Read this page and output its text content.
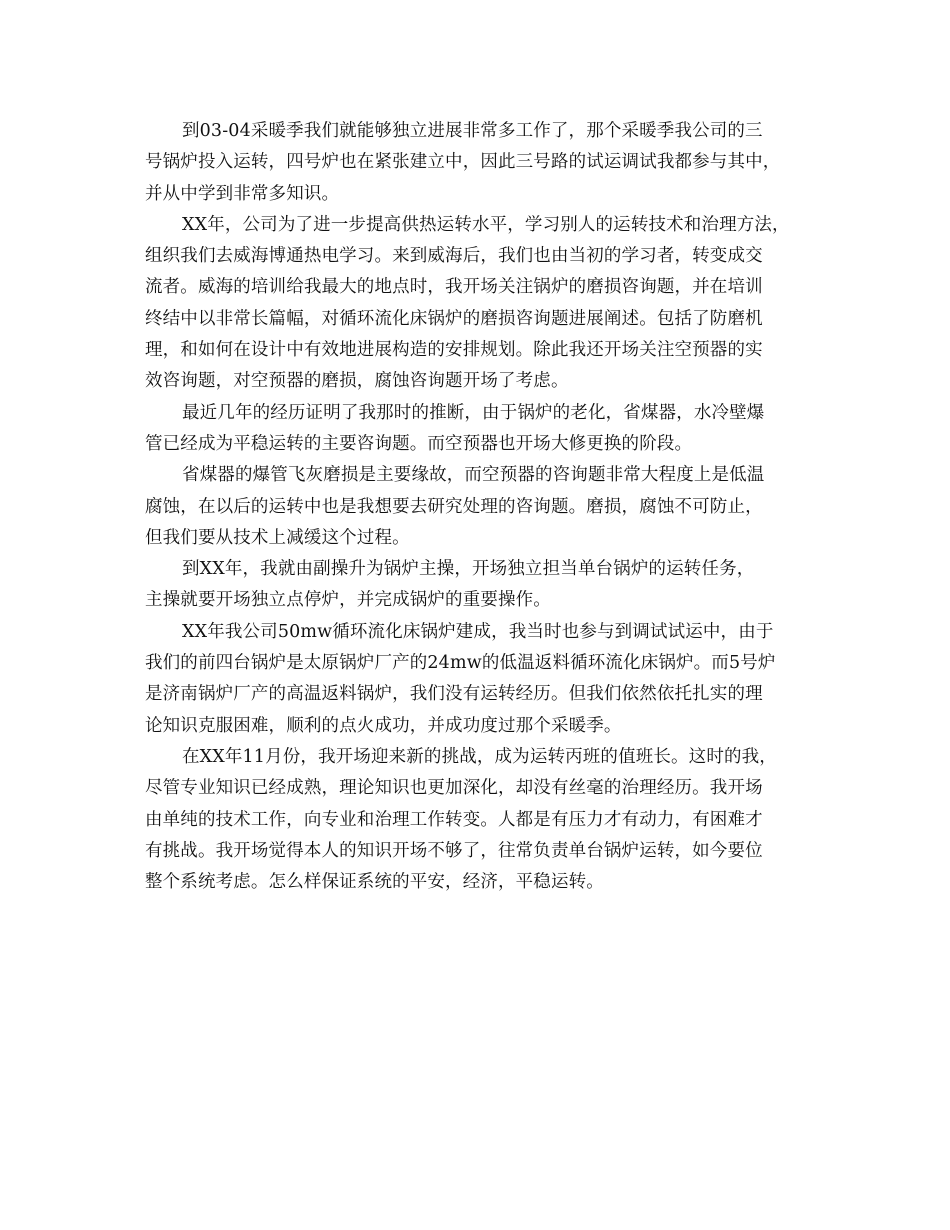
到03-04采暖季我们就能够独立进展非常多工作了，那个采暖季我公司的三
号锅炉投入运转，四号炉也在紧张建立中，因此三号路的试运调试我都参与其中，
并从中学到非常多知识。
XX年，公司为了进一步提高供热运转水平，学习别人的运转技术和治理方法，
组织我们去威海博通热电学习。来到威海后，我们也由当初的学习者，转变成交
流者。威海的培训给我最大的地点时，我开场关注锅炉的磨损咨询题，并在培训
终结中以非常长篇幅，对循环流化床锅炉的磨损咨询题进展阐述。包括了防磨机
理，和如何在设计中有效地进展构造的安排规划。除此我还开场关注空预器的实
效咨询题，对空预器的磨损，腐蚀咨询题开场了考虑。
最近几年的经历证明了我那时的推断，由于锅炉的老化，省煤器，水冷壁爆
管已经成为平稳运转的主要咨询题。而空预器也开场大修更换的阶段。
省煤器的爆管飞灰磨损是主要缘故，而空预器的咨询题非常大程度上是低温
腐蚀，在以后的运转中也是我想要去研究处理的咨询题。磨损，腐蚀不可防止，
但我们要从技术上减缓这个过程。
到XX年，我就由副操升为锅炉主操，开场独立担当单台锅炉的运转任务，
主操就要开场独立点停炉，并完成锅炉的重要操作。
XX年我公司50mw循环流化床锅炉建成，我当时也参与到调试试运中，由于
我们的前四台锅炉是太原锅炉厂产的24mw的低温返料循环流化床锅炉。而5号炉
是济南锅炉厂产的高温返料锅炉，我们没有运转经历。但我们依然依托扎实的理
论知识克服困难，顺利的点火成功，并成功度过那个采暖季。
在XX年11月份，我开场迎来新的挑战，成为运转丙班的值班长。这时的我，
尽管专业知识已经成熟，理论知识也更加深化，却没有丝毫的治理经历。我开场
由单纯的技术工作，向专业和治理工作转变。人都是有压力才有动力，有困难才
有挑战。我开场觉得本人的知识开场不够了，往常负责单台锅炉运转，如今要位
整个系统考虑。怎么样保证系统的平安，经济，平稳运转。
